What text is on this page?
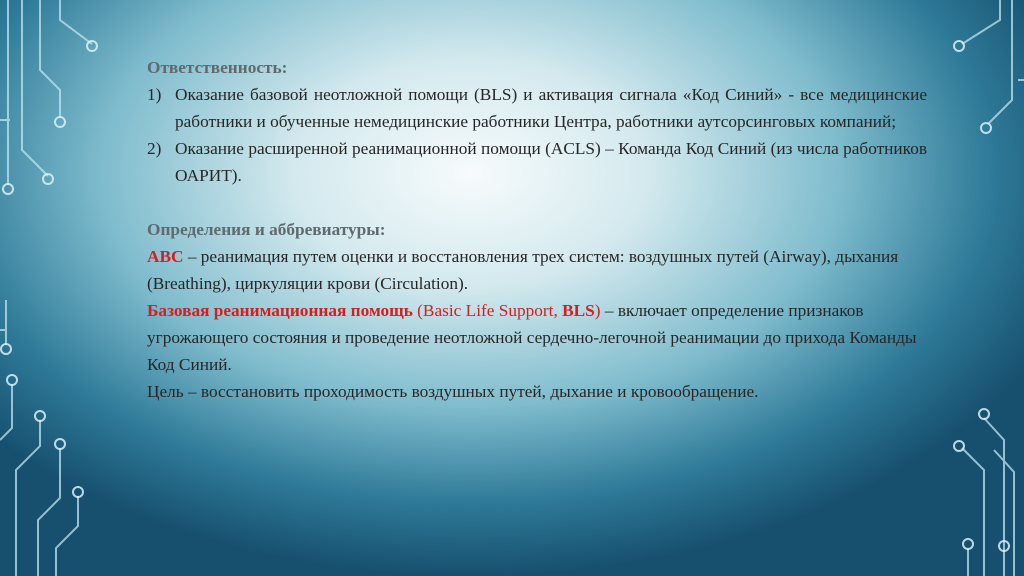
Ответственность:

1) Оказание базовой неотложной помощи (BLS) и активация сигнала «Код Синий» - все медицинские работники и обученные немедицинские работники Центра, работники аутсорсинговых компаний;
2) Оказание расширенной реанимационной помощи (ACLS) – Команда Код Синий (из числа работников ОАРИТ).

Определения и аббревиатуры:

АВС – реанимация путем оценки и восстановления трех систем: воздушных путей (Airway), дыхания (Breathing), циркуляции крови (Circulation).

Базовая реанимационная помощь (Basic Life Support, BLS) – включает определение признаков угрожающего состояния и проведение неотложной сердечно-легочной реанимации до прихода Команды Код Синий.

Цель – восстановить проходимость воздушных путей, дыхание и кровообращение.
